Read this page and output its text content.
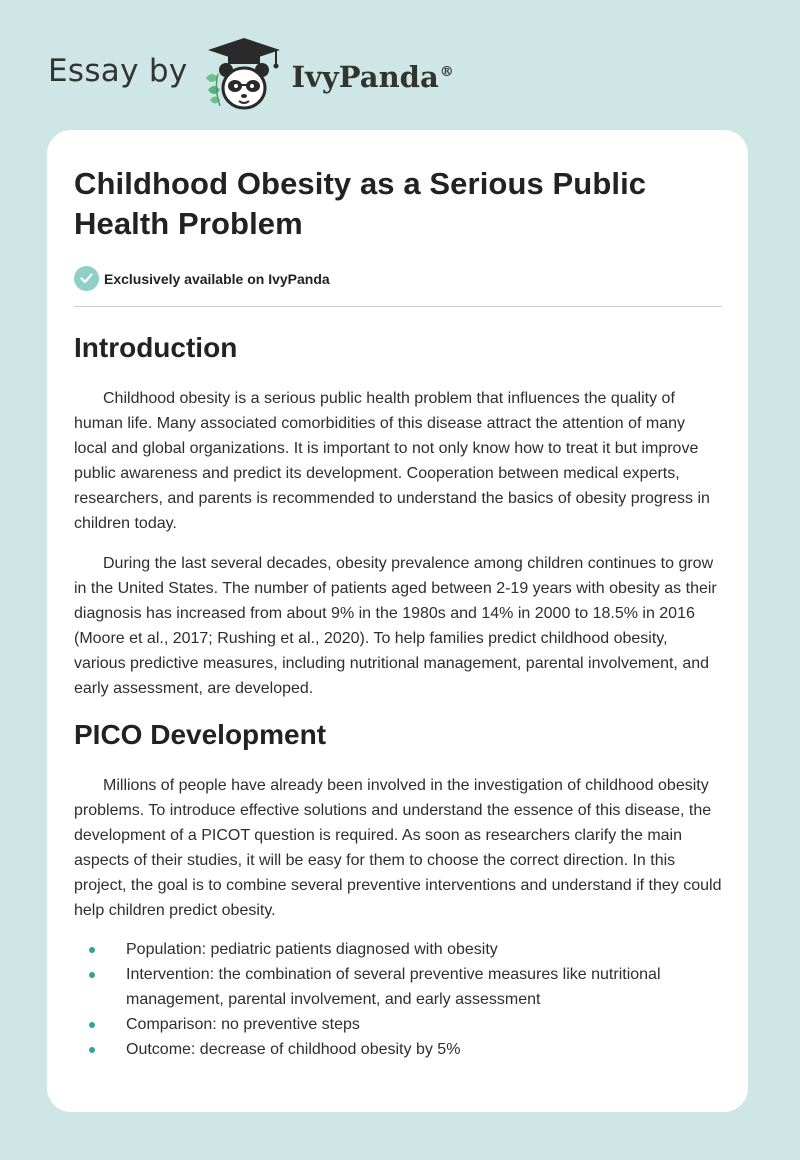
Essay by	IvyPanda®
Childhood Obesity as a Serious Public Health Problem
Exclusively available on IvyPanda
Introduction

Childhood obesity is a serious public health problem that influences the quality of human life. Many associated comorbidities of this disease attract the attention of many local and global organizations. It is important to not only know how to treat it but improve public awareness and predict its development. Cooperation between medical experts, researchers, and parents is recommended to understand the basics of obesity progress in children today.

During the last several decades, obesity prevalence among children continues to grow in the United States. The number of patients aged between 2-19 years with obesity as their diagnosis has increased from about 9% in the 1980s and 14% in 2000 to 18.5% in 2016 (Moore et al., 2017; Rushing et al., 2020). To help families predict childhood obesity, various predictive measures, including nutritional management, parental involvement, and early assessment, are developed.

PICO Development

Millions of people have already been involved in the investigation of childhood obesity problems. To introduce effective solutions and understand the essence of this disease, the development of a PICOT question is required. As soon as researchers clarify the main aspects of their studies, it will be easy for them to choose the correct direction. In this project, the goal is to combine several preventive interventions and understand if they could help children predict obesity.

Population: pediatric patients diagnosed with obesity
Intervention: the combination of several preventive measures like nutritional management, parental involvement, and early assessment
Comparison: no preventive steps
Outcome: decrease of childhood obesity by 5%
